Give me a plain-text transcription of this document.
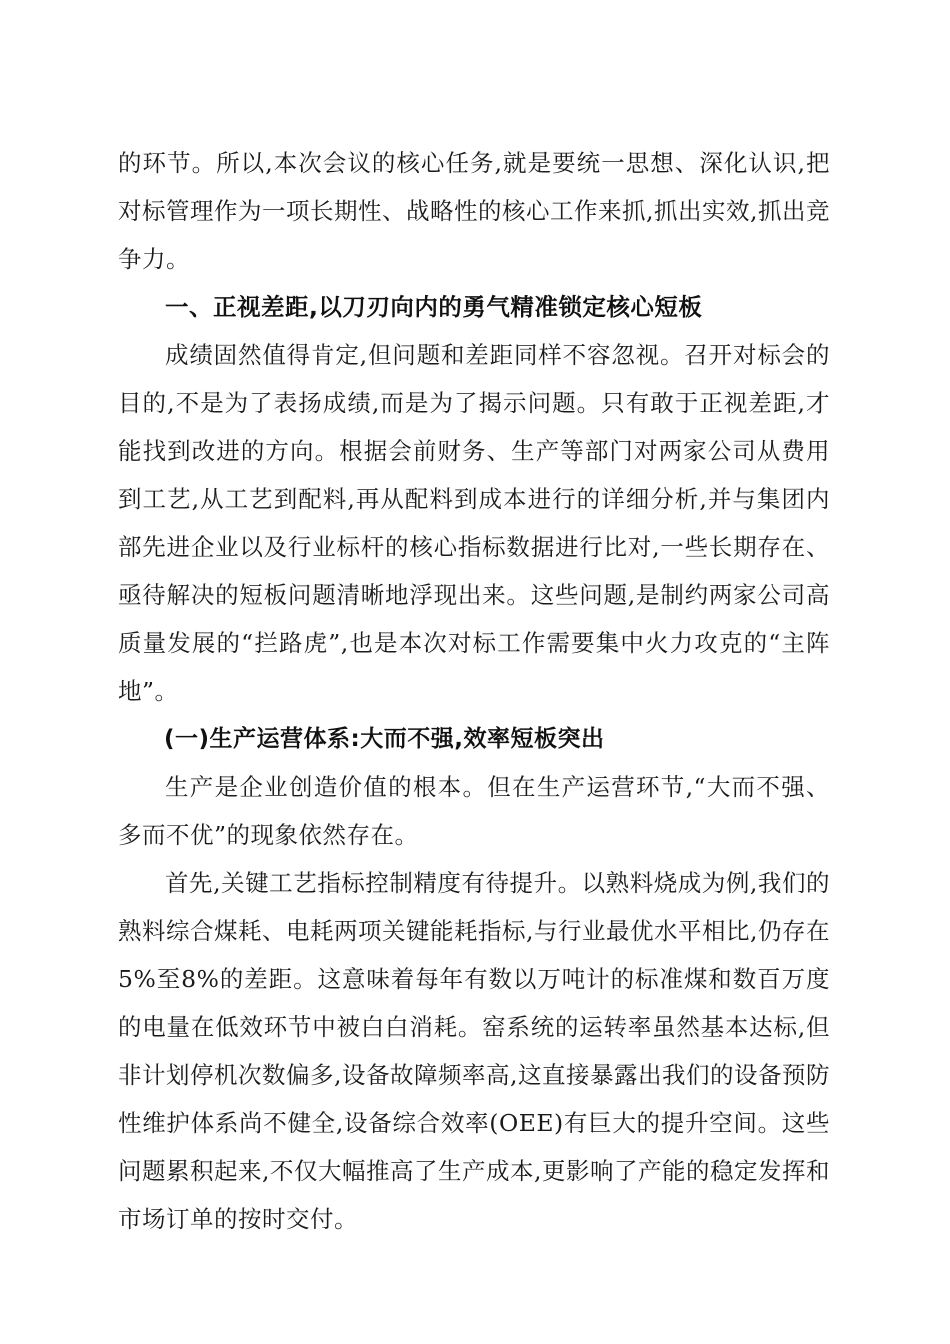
的环节。所以,本次会议的核心任务,就是要统一思想、深化认识,把对标管理作为一项长期性、战略性的核心工作来抓,抓出实效,抓出竞争力。

一、正视差距,以刀刃向内的勇气精准锁定核心短板

成绩固然值得肯定,但问题和差距同样不容忽视。召开对标会的目的,不是为了表扬成绩,而是为了揭示问题。只有敢于正视差距,才能找到改进的方向。根据会前财务、生产等部门对两家公司从费用到工艺,从工艺到配料,再从配料到成本进行的详细分析,并与集团内部先进企业以及行业标杆的核心指标数据进行比对,一些长期存在、亟待解决的短板问题清晰地浮现出来。这些问题,是制约两家公司高质量发展的“拦路虎”,也是本次对标工作需要集中火力攻克的“主阵地”。

(一)生产运营体系:大而不强,效率短板突出

生产是企业创造价值的根本。但在生产运营环节,“大而不强、多而不优”的现象依然存在。

首先,关键工艺指标控制精度有待提升。以熟料烧成为例,我们的熟料综合煤耗、电耗两项关键能耗指标,与行业最优水平相比,仍存在5%至8%的差距。这意味着每年有数以万吨计的标准煤和数百万度的电量在低效环节中被白白消耗。窑系统的运转率虽然基本达标,但非计划停机次数偏多,设备故障频率高,这直接暴露出我们的设备预防性维护体系尚不健全,设备综合效率(OEE)有巨大的提升空间。这些问题累积起来,不仅大幅推高了生产成本,更影响了产能的稳定发挥和市场订单的按时交付。
